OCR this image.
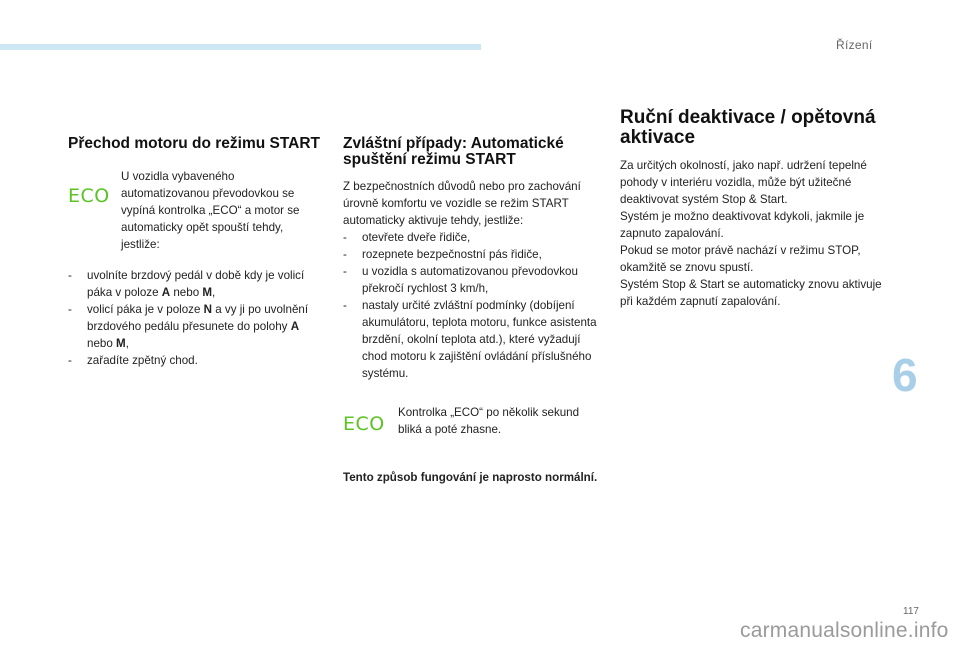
Řízení
6
117
carmanualsonline.info
Přechod motoru do režimu START
ECO

U vozidla vybaveného automatizovanou převodovkou se vypíná kontrolka „ECO“ a motor se automaticky opět spouští tehdy, jestliže:

- uvolníte brzdový pedál v době kdy je volicí páka v poloze A nebo M,
- volicí páka je v poloze N a vy ji po uvolnění brzdového pedálu přesunete do polohy A nebo M,
- zařadíte zpětný chod.
Zvláštní případy: Automatické spuštění režimu START

Z bezpečnostních důvodů nebo pro zachování úrovně komfortu ve vozidle se režim START automaticky aktivuje tehdy, jestliže:

- otevřete dveře řidiče,
- rozepnete bezpečnostní pás řidiče,
- u vozidla s automatizovanou převodovkou překročí rychlost 3 km/h,
- nastaly určité zvláštní podmínky (dobíjení akumulátoru, teplota motoru, funkce asistenta brzdění, okolní teplota atd.), které vyžadují chod motoru k zajištění ovládání příslušného systému.
ECO

Kontrolka „ECO“ po několik sekund bliká a poté zhasne.

Tento způsob fungování je naprosto normální.

Ruční deaktivace / opětovná aktivace

Za určitých okolností, jako např. udržení tepelné pohody v interiéru vozidla, může být užitečné deaktivovat systém Stop & Start.

Systém je možno deaktivovat kdykoli, jakmile je zapnuto zapalování.

Pokud se motor právě nachází v režimu STOP, okamžitě se znovu spustí.

Systém Stop & Start se automaticky znovu aktivuje při každém zapnutí zapalování.
